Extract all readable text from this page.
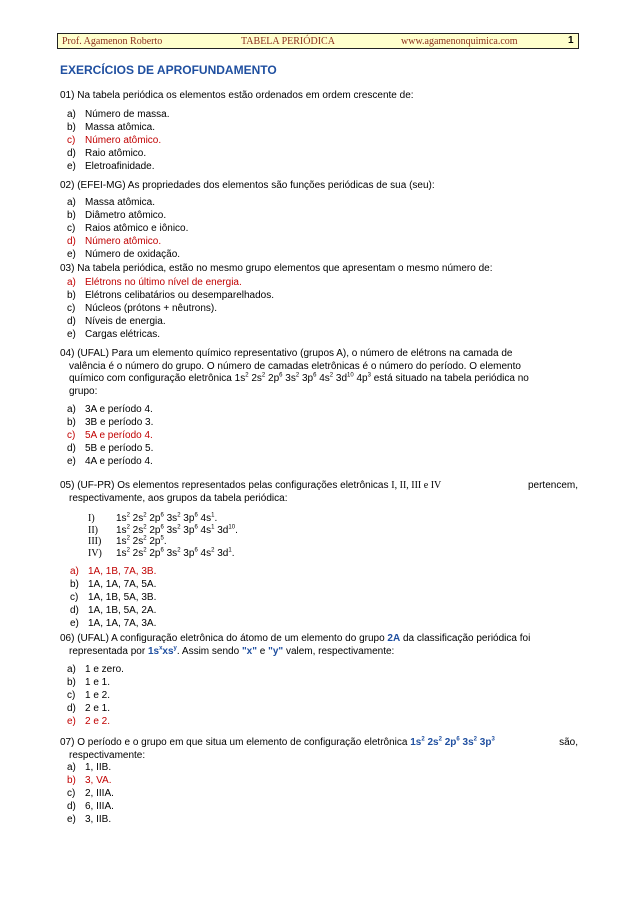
Prof. Agamenon Roberto	TABELA PERIÓDICA	www.agamenonquimica.com	1
EXERCÍCIOS DE APROFUNDAMENTO
01) Na tabela periódica os elementos estão ordenados em ordem crescente de:
a) Número de massa.
b) Massa atômica.
c) Número atômico.
d) Raio atômico.
e) Eletroafinidade.
02) (EFEI-MG) As propriedades dos elementos são funções periódicas de sua (seu):
a) Massa atômica.
b) Diâmetro atômico.
c) Raios atômico e iônico.
d) Número atômico.
e) Número de oxidação.
03) Na tabela periódica, estão no mesmo grupo elementos que apresentam o mesmo número de:
a) Elétrons no último nível de energia.
b) Elétrons celibatários ou desemparelhados.
c) Núcleos (prótons + nêutrons).
d) Níveis de energia.
e) Cargas elétricas.
04) (UFAL) Para um elemento químico representativo (grupos A), o número de elétrons na camada de
valência é o número do grupo. O número de camadas eletrônicas é o número do período. O elemento
químico com configuração eletrônica $1s^2$ $2s^2$ $2p^6$ $3s^2$ $3p^6$ $4s^2$ $3d^{10}$ $4p^3$ está situado na tabela periódica no
grupo:
a) 3A e período 4.
b) 3B e período 3.
c) 5A e período 4.
d) 5B e período 5.
e) 4A e período 4.
05) (UF-PR) Os elementos representados pelas configurações eletrônicas I, II, III e IV	pertencem,
respectivamente, aos grupos da tabela periódica:
I) $1s^2$ $2s^2$ $2p^6$ $3s^2$ $3p^6$ $4s^1$.
II) $1s^2$ $2s^2$ $2p^6$ $3s^2$ $3p^6$ $4s^1$ $3d^{10}$.
III) $1s^2$ $2s^2$ $2p^5$.
IV) $1s^2$ $2s^2$ $2p^6$ $3s^2$ $3p^6$ $4s^2$ $3d^1$.
a) 1A, 1B, 7A, 3B.
b) 1A, 1A, 7A, 5A.
c) 1A, 1B, 5A, 3B.
d) 1A, 1B, 5A, 2A.
e) 1A, 1A, 7A, 3A.
06) (UFAL) A configuração eletrônica do átomo de um elemento do grupo 2A da classificação periódica foi
representada por $1s^xxs^y$. Assim sendo "x" e "y" valem, respectivamente:
a) 1 e zero.
b) 1 e 1.
c) 1 e 2.
d) 2 e 1.
e) 2 e 2.
07) O período e o grupo em que situa um elemento de configuração eletrônica $1s^2$ $2s^2$ $2p^6$ $3s^2$ $3p^3$	são,
respectivamente:
a) 1, IIB.
b) 3, VA.
c) 2, IIIA.
d) 6, IIIA.
e) 3, IIB.
